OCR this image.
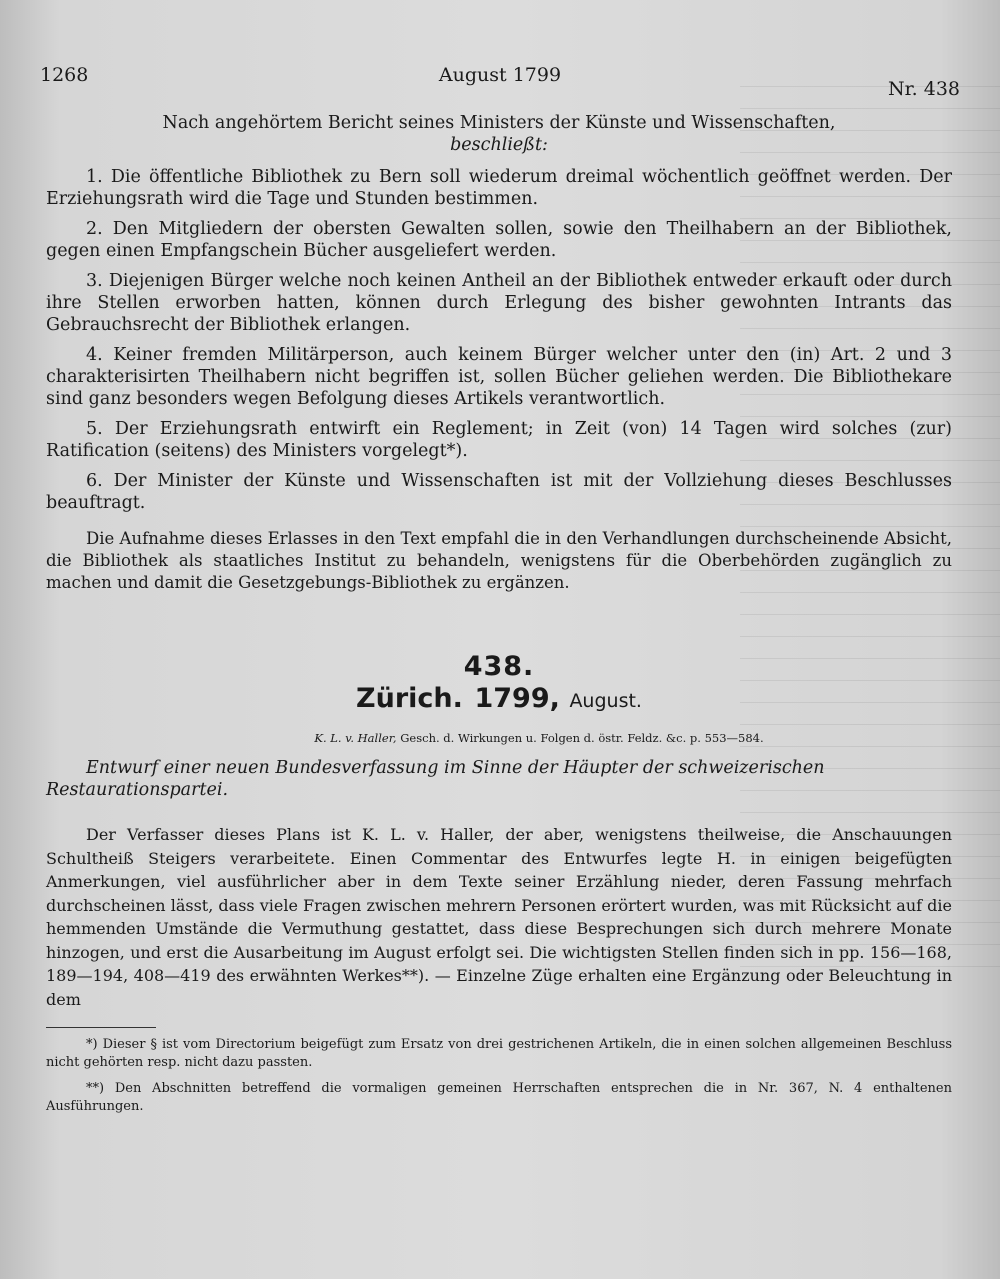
1268	August 1799
Nr. 438

Nach angehörtem Bericht seines Ministers der Künste und Wissenschaften,

beschließt:

1. Die öffentliche Bibliothek zu Bern soll wiederum dreimal wöchentlich geöffnet werden. Der Erziehungsrath wird die Tage und Stunden bestimmen.

2. Den Mitgliedern der obersten Gewalten sollen, sowie den Theilhabern an der Bibliothek, gegen einen Empfangschein Bücher ausgeliefert werden.

3. Diejenigen Bürger welche noch keinen Antheil an der Bibliothek entweder erkauft oder durch ihre Stellen erworben hatten, können durch Erlegung des bisher gewohnten Intrants das Gebrauchsrecht der Bibliothek erlangen.

4. Keiner fremden Militärperson, auch keinem Bürger welcher unter den (in) Art. 2 und 3 charakterisirten Theilhabern nicht begriffen ist, sollen Bücher geliehen werden. Die Bibliothekare sind ganz besonders wegen Befolgung dieses Artikels verantwortlich.

5. Der Erziehungsrath entwirft ein Reglement; in Zeit (von) 14 Tagen wird solches (zur) Ratification (seitens) des Ministers vorgelegt*).

6. Der Minister der Künste und Wissenschaften ist mit der Vollziehung dieses Beschlusses beauftragt.

Die Aufnahme dieses Erlasses in den Text empfahl die in den Verhandlungen durchscheinende Absicht, die Bibliothek als staatliches Institut zu behandeln, wenigstens für die Oberbehörden zugänglich zu machen und damit die Gesetzgebungs-Bibliothek zu ergänzen.

438.

Zürich. 1799, August.

K. L. v. Haller, Gesch. d. Wirkungen u. Folgen d. östr. Feldz. &c. p. 553—584.

Entwurf einer neuen Bundesverfassung im Sinne der Häupter der schweizerischen Restaurationspartei.

Der Verfasser dieses Plans ist K. L. v. Haller, der aber, wenigstens theilweise, die Anschauungen Schultheiß Steigers verarbeitete. Einen Commentar des Entwurfes legte H. in einigen beigefügten Anmerkungen, viel ausführlicher aber in dem Texte seiner Erzählung nieder, deren Fassung mehrfach durchscheinen lässt, dass viele Fragen zwischen mehrern Personen erörtert wurden, was mit Rücksicht auf die hemmenden Umstände die Vermuthung gestattet, dass diese Besprechungen sich durch mehrere Monate hinzogen, und erst die Ausarbeitung im August erfolgt sei. Die wichtigsten Stellen finden sich in pp. 156—168, 189—194, 408—419 des erwähnten Werkes**). — Einzelne Züge erhalten eine Ergänzung oder Beleuchtung in dem

*) Dieser § ist vom Directorium beigefügt zum Ersatz von drei gestrichenen Artikeln, die in einen solchen allgemeinen Beschluss nicht gehörten resp. nicht dazu passten.

**) Den Abschnitten betreffend die vormaligen gemeinen Herrschaften entsprechen die in Nr. 367, N. 4 enthaltenen Ausführungen.
